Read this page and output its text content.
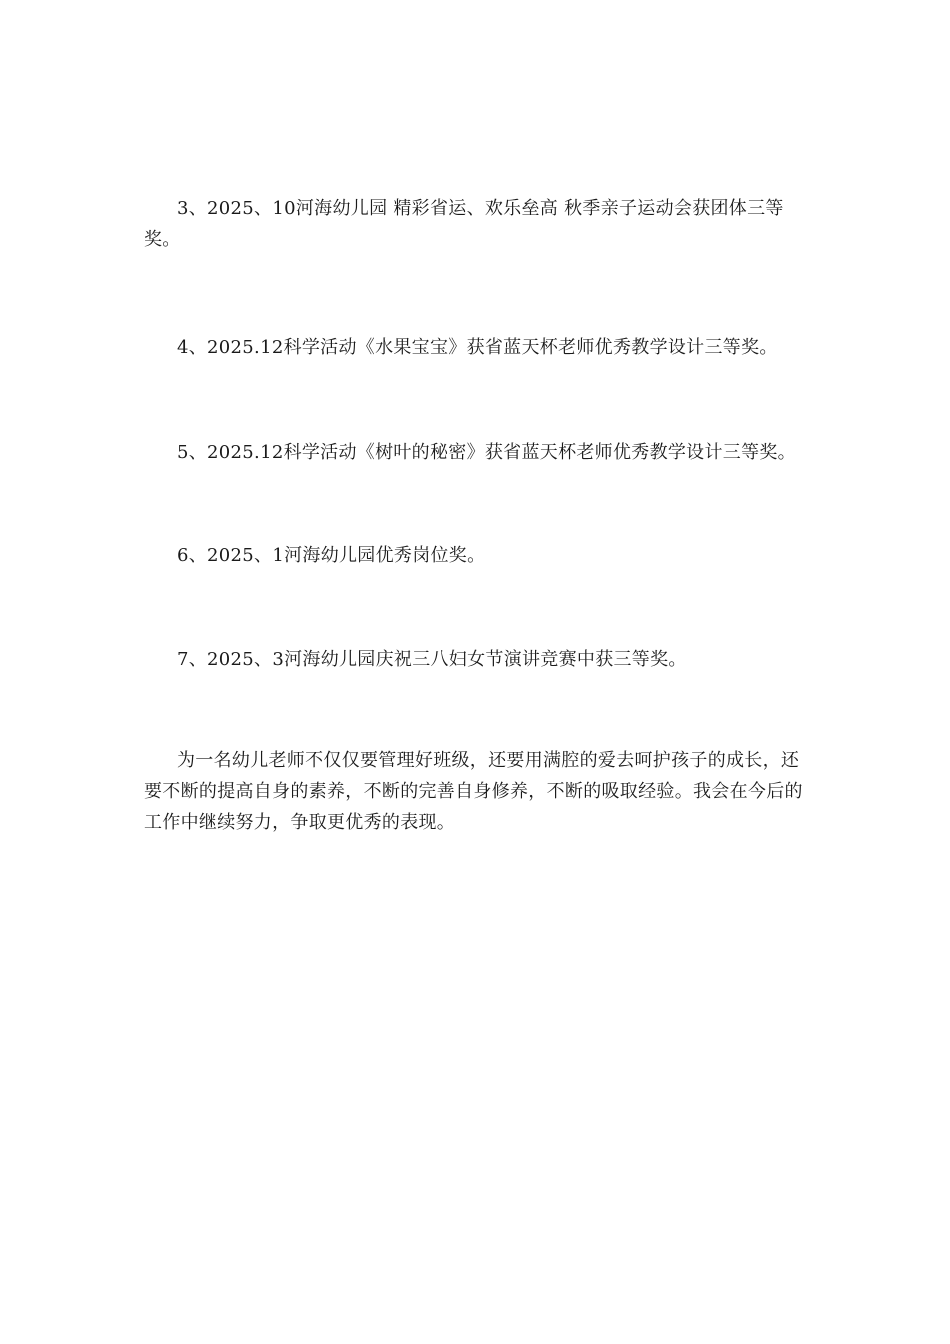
3、2025、10河海幼儿园 精彩省运、欢乐垒高 秋季亲子运动会获团体三等奖。

4、2025.12科学活动《水果宝宝》获省蓝天杯老师优秀教学设计三等奖。

5、2025.12科学活动《树叶的秘密》获省蓝天杯老师优秀教学设计三等奖。

6、2025、1河海幼儿园优秀岗位奖。

7、2025、3河海幼儿园庆祝三八妇女节演讲竞赛中获三等奖。

为一名幼儿老师不仅仅要管理好班级，还要用满腔的爱去呵护孩子的成长，还要不断的提高自身的素养，不断的完善自身修养，不断的吸取经验。我会在今后的工作中继续努力，争取更优秀的表现。
